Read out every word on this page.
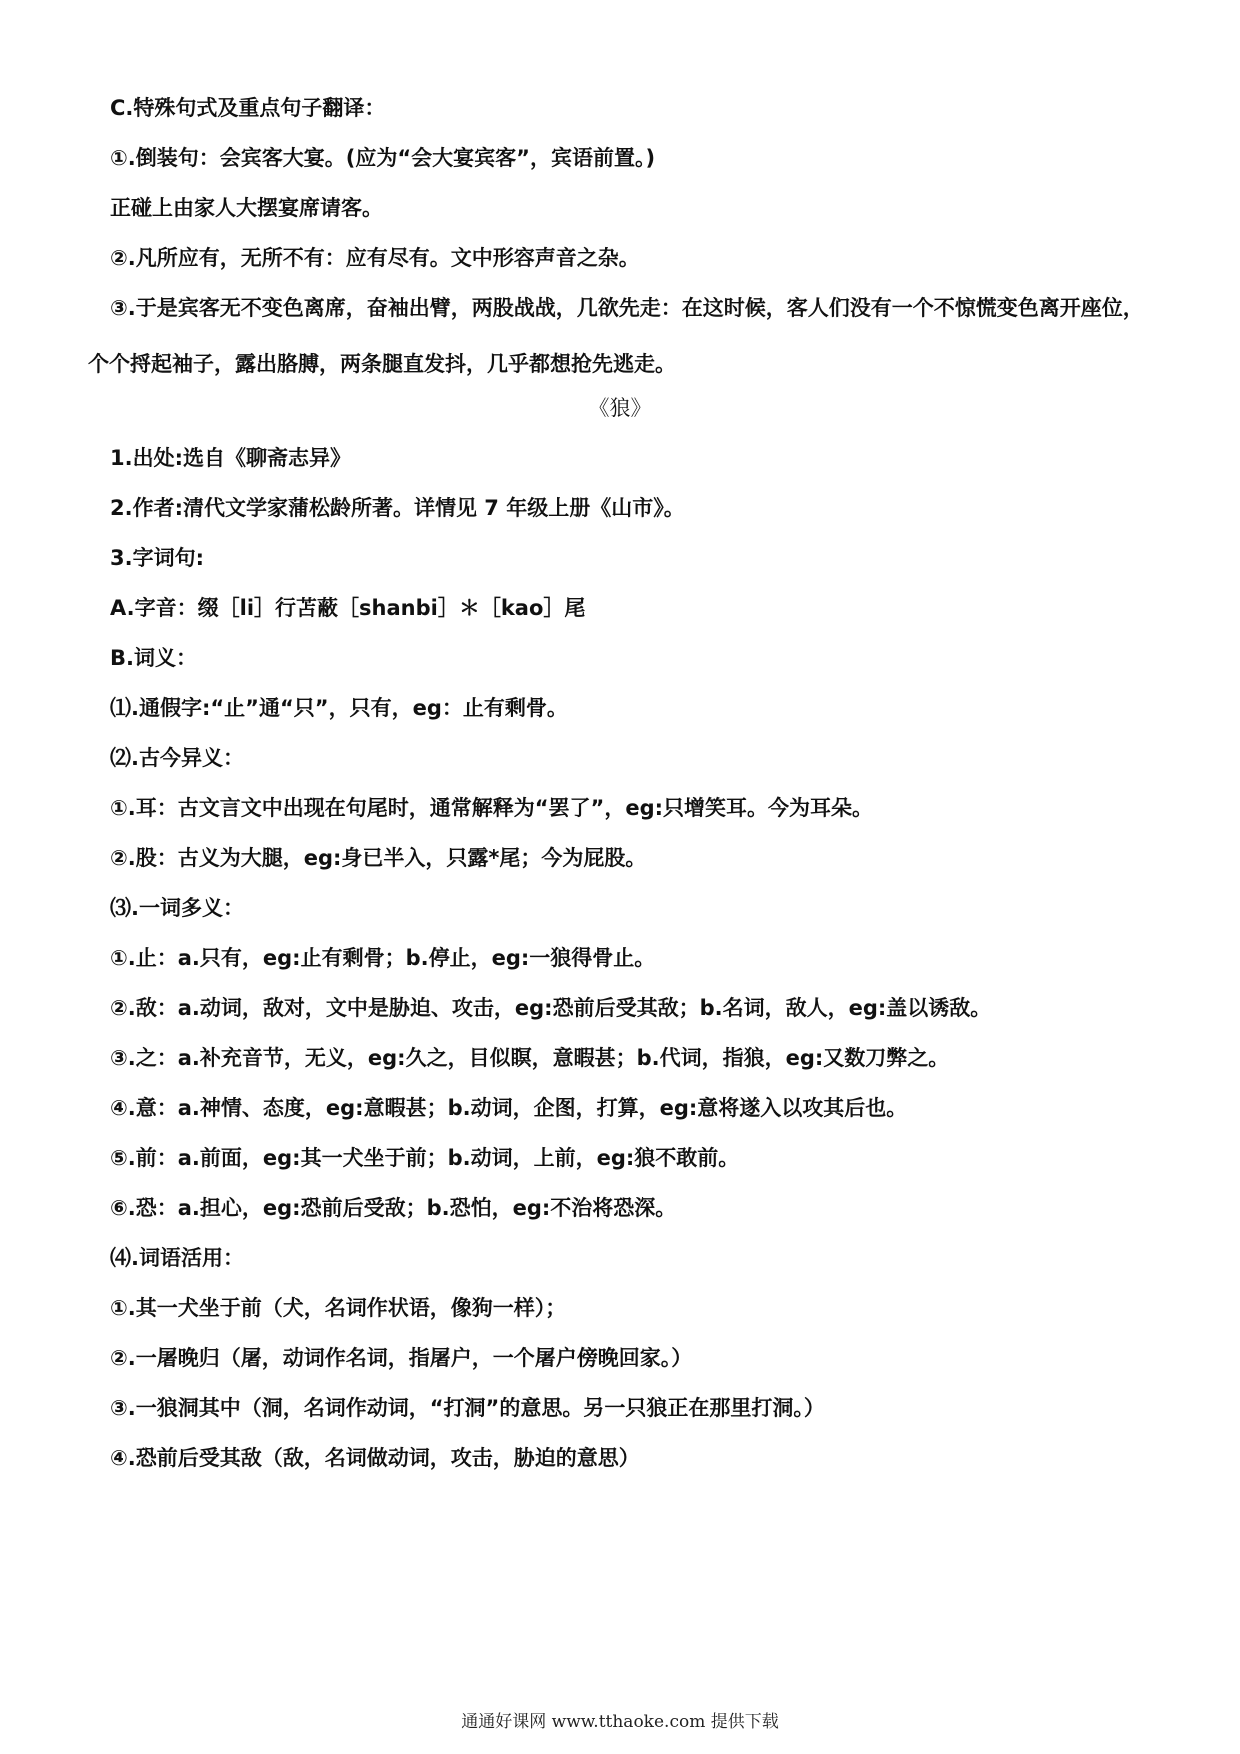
C.特殊句式及重点句子翻译：
①.倒装句：会宾客大宴。(应为“会大宴宾客”，宾语前置。)
正碰上由家人大摆宴席请客。
②.凡所应有，无所不有：应有尽有。文中形容声音之杂。
③.于是宾客无不变色离席，奋袖出臂，两股战战，几欲先走：在这时候，客人们没有一个不惊慌变色离开座位，个个捋起袖子，露出胳膊，两条腿直发抖，几乎都想抢先逃走。
《狼》
1.出处:选自《聊斋志异》
2.作者:清代文学家蒲松龄所著。详情见 7 年级上册《山市》。
3.字词句:
A.字音：缀［li］行苫蔽［shanbi］＊［kao］尾
B.词义：
⑴.通假字:“止”通“只”，只有，eg：止有剩骨。
⑵.古今异义：
①.耳：古文言文中出现在句尾时，通常解释为“罢了”，eg:只增笑耳。今为耳朵。
②.股：古义为大腿，eg:身已半入，只露*尾；今为屁股。
⑶.一词多义：
①.止：a.只有，eg:止有剩骨；b.停止，eg:一狼得骨止。
②.敌：a.动词，敌对，文中是胁迫、攻击，eg:恐前后受其敌；b.名词，敌人，eg:盖以诱敌。
③.之：a.补充音节，无义，eg:久之，目似瞑，意暇甚；b.代词，指狼，eg:又数刀弊之。
④.意：a.神情、态度，eg:意暇甚；b.动词，企图，打算，eg:意将遂入以攻其后也。
⑤.前：a.前面，eg:其一犬坐于前；b.动词，上前，eg:狼不敢前。
⑥.恐：a.担心，eg:恐前后受敌；b.恐怕，eg:不治将恐深。
⑷.词语活用：
①.其一犬坐于前（犬，名词作状语，像狗一样）；
②.一屠晚归（屠，动词作名词，指屠户，一个屠户傍晚回家。）
③.一狼洞其中（洞，名词作动词，“打洞”的意思。另一只狼正在那里打洞。）
④.恐前后受其敌（敌，名词做动词，攻击，胁迫的意思）
通通好课网 www.tthaoke.com 提供下载
